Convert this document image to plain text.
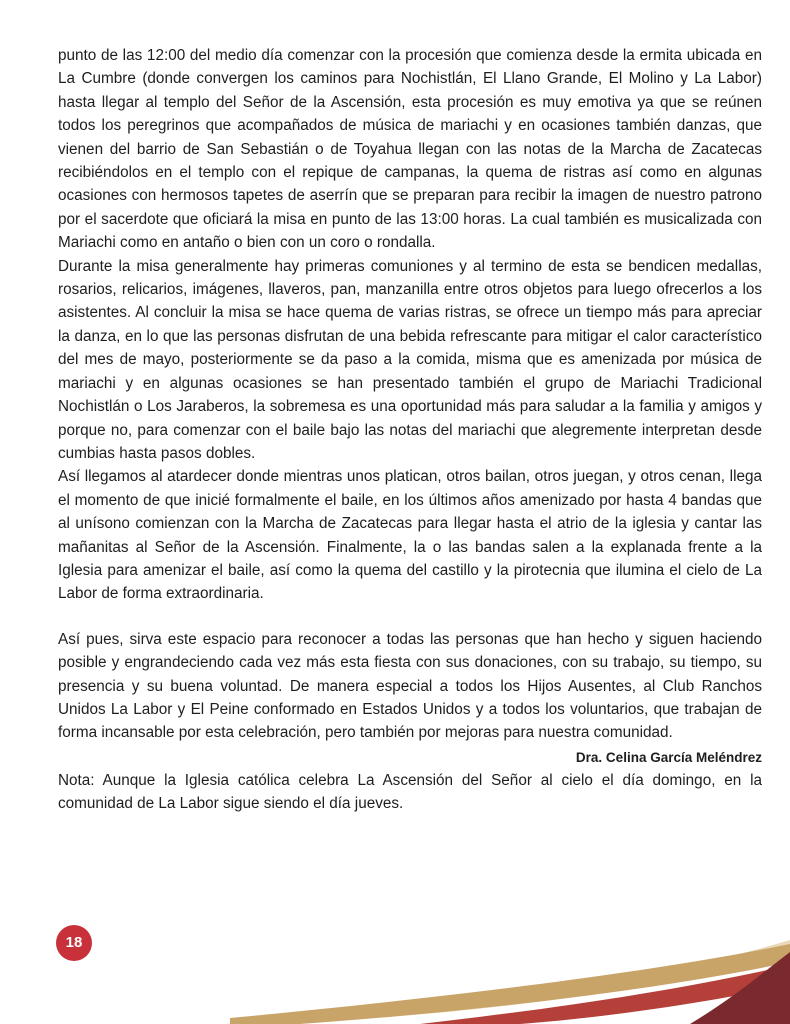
punto de las 12:00 del medio día comenzar con la procesión que comienza desde la ermita ubicada en La Cumbre (donde convergen los caminos para Nochistlán, El Llano Grande, El Molino y La Labor) hasta llegar al templo del Señor de la Ascensión, esta procesión es muy emotiva ya que se reúnen todos los peregrinos que acompañados de música de mariachi y en ocasiones también danzas, que vienen del barrio de San Sebastián o de Toyahua llegan con las notas de la Marcha de Zacatecas recibiéndolos en el templo con el repique de campanas, la quema de ristras así como en algunas ocasiones con hermosos tapetes de aserrín que se preparan para recibir la imagen de nuestro patrono por el sacerdote que oficiará la misa en punto de las 13:00 horas. La cual también es musicalizada con Mariachi como en antaño o bien con un coro o rondalla.

Durante la misa generalmente hay primeras comuniones y al termino de esta se bendicen medallas, rosarios, relicarios, imágenes, llaveros, pan, manzanilla entre otros objetos para luego ofrecerlos a los asistentes. Al concluir la misa se hace quema de varias ristras, se ofrece un tiempo más para apreciar la danza, en lo que las personas disfrutan de una bebida refrescante para mitigar el calor característico del mes de mayo, posteriormente se da paso a la comida, misma que es amenizada por música de mariachi y en algunas ocasiones se han presentado también el grupo de Mariachi Tradicional Nochistlán o Los Jaraberos, la sobremesa es una oportunidad más para saludar a la familia y amigos y porque no, para comenzar con el baile bajo las notas del mariachi que alegremente interpretan desde cumbias hasta pasos dobles.

Así llegamos al atardecer donde mientras unos platican, otros bailan, otros juegan, y otros cenan, llega el momento de que inicié formalmente el baile, en los últimos años amenizado por hasta 4 bandas que al unísono comienzan con la Marcha de Zacatecas para llegar hasta el atrio de la iglesia y cantar las mañanitas al Señor de la Ascensión. Finalmente, la o las bandas salen a la explanada frente a la Iglesia para amenizar el baile, así como la quema del castillo y la pirotecnia que ilumina el cielo de La Labor de forma extraordinaria.

Así pues, sirva este espacio para reconocer a todas las personas que han hecho y siguen haciendo posible y engrandeciendo cada vez más esta fiesta con sus donaciones, con su trabajo, su tiempo, su presencia y su buena voluntad. De manera especial a todos los Hijos Ausentes, al Club Ranchos Unidos La Labor y El Peine conformado en Estados Unidos y a todos los voluntarios, que trabajan de forma incansable por esta celebración, pero también por mejoras para nuestra comunidad.

Dra. Celina García Meléndrez

Nota: Aunque la Iglesia católica celebra La Ascensión del Señor al cielo el día domingo, en la comunidad de La Labor sigue siendo el día jueves.

18
